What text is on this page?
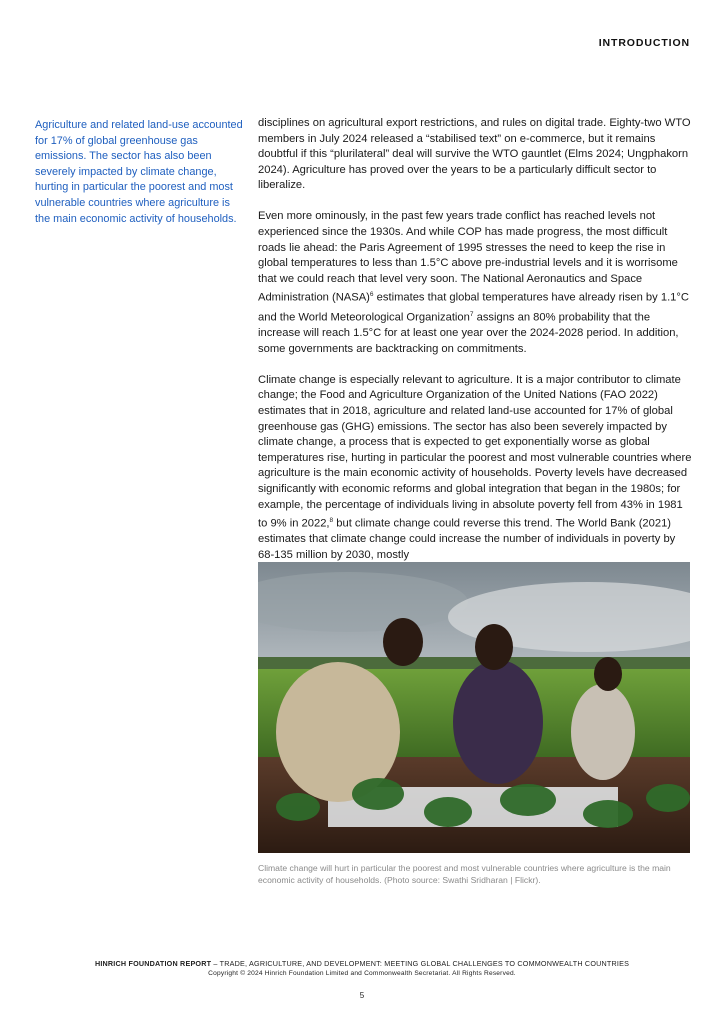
INTRODUCTION
Agriculture and related land-use accounted for 17% of global greenhouse gas emissions. The sector has also been severely impacted by climate change, hurting in particular the poorest and most vulnerable countries where agriculture is the main economic activity of households.

disciplines on agricultural export restrictions, and rules on digital trade. Eighty-two WTO members in July 2024 released a “stabilised text” on e-commerce, but it remains doubtful if this “plurilateral” deal will survive the WTO gauntlet (Elms 2024; Ungphakorn 2024). Agriculture has proved over the years to be a particularly difficult sector to liberalize.

Even more ominously, in the past few years trade conflict has reached levels not experienced since the 1930s. And while COP has made progress, the most difficult roads lie ahead: the Paris Agreement of 1995 stresses the need to keep the rise in global temperatures to less than 1.5°C above pre-industrial levels and it is worrisome that we could reach that level very soon. The National Aeronautics and Space Administration (NASA)$^6$ estimates that global temperatures have already risen by 1.1°C and the World Meteorological Organization$^7$ assigns an 80% probability that the increase will reach 1.5°C for at least one year over the 2024-2028 period. In addition, some governments are backtracking on commitments.

Climate change is especially relevant to agriculture. It is a major contributor to climate change; the Food and Agriculture Organization of the United Nations (FAO 2022) estimates that in 2018, agriculture and related land-use accounted for 17% of global greenhouse gas (GHG) emissions. The sector has also been severely impacted by climate change, a process that is expected to get exponentially worse as global temperatures rise, hurting in particular the poorest and most vulnerable countries where agriculture is the main economic activity of households. Poverty levels have decreased significantly with economic reforms and global integration that began in the 1980s; for example, the percentage of individuals living in absolute poverty fell from 43% in 1981 to 9% in 2022,$^8$ but climate change could reverse this trend. The World Bank (2021) estimates that climate change could increase the number of individuals in poverty by 68-135 million by 2030, mostly

Climate change will hurt in particular the poorest and most vulnerable countries where agriculture is the main economic activity of households. (Photo source: Swathi Sridharan | Flickr).
HINRICH FOUNDATION REPORT – TRADE, AGRICULTURE, AND DEVELOPMENT: MEETING GLOBAL CHALLENGES TO COMMONWEALTH COUNTRIES
Copyright © 2024 Hinrich Foundation Limited and Commonwealth Secretariat. All Rights Reserved.
5
